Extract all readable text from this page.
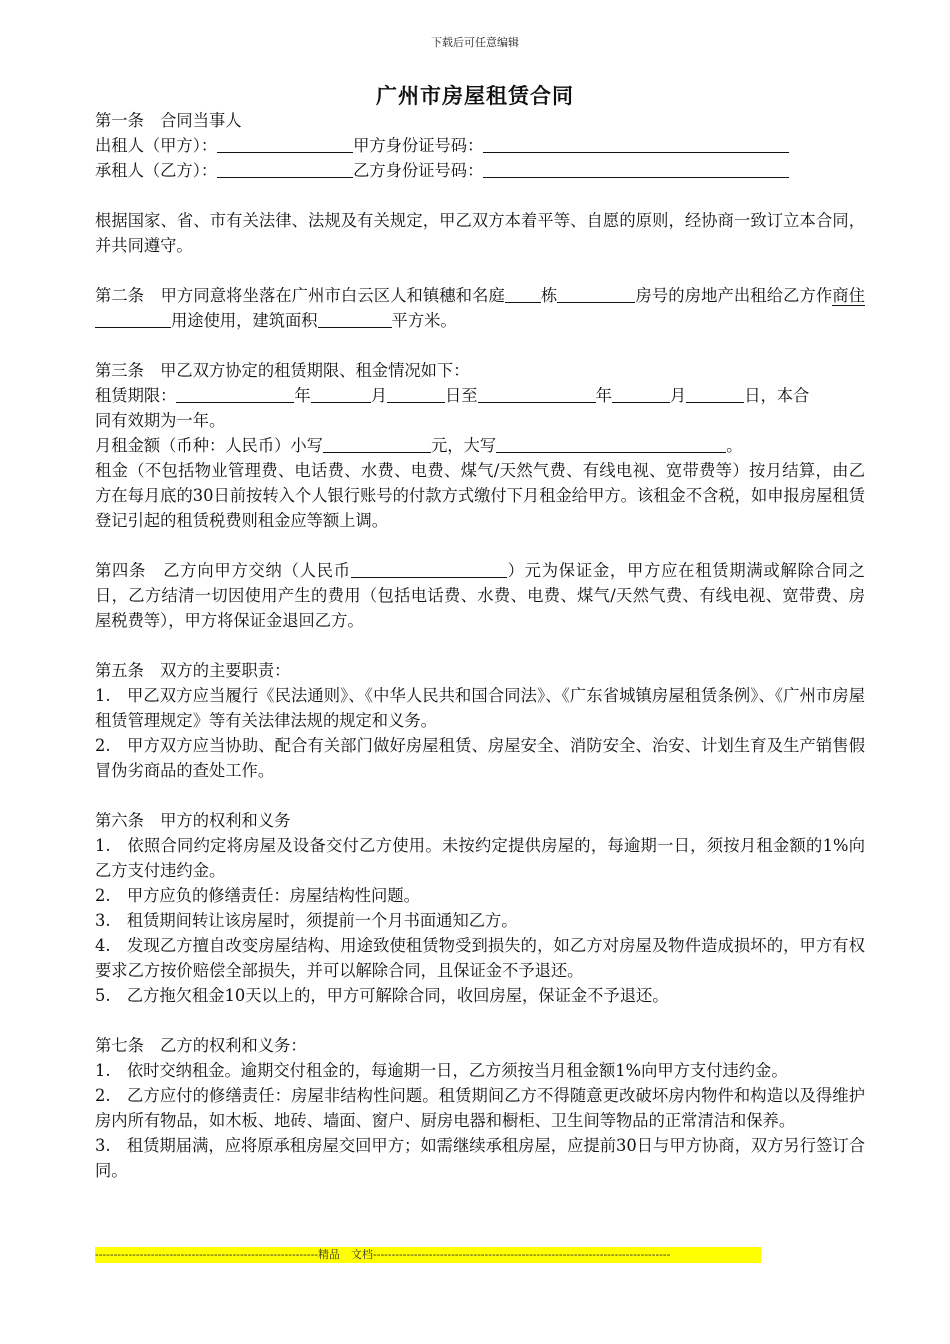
下载后可任意编辑
广州市房屋租赁合同
第一条　合同当事人
出租人（甲方）：	甲方身份证号码：
承租人（乙方）：	乙方身份证号码：
根据国家、省、市有关法律、法规及有关规定，甲乙双方本着平等、自愿的原则，经协商一致订立本合同，并共同遵守。
第二条　甲方同意将坐落在广州市白云区人和镇穗和名庭 栋	房号的房地产出租给乙方作商住用途使用，建筑面积	平方米。
第三条　甲乙双方协定的租赁期限、租金情况如下：
租赁期限：	年	月	日至	年	月	日，本合
同有效期为一年。
月租金额（币种：人民币）小写	元，大写	。
租金（不包括物业管理费、电话费、水费、电费、煤气/天然气费、有线电视、宽带费等）按月结算，由乙方在每月底的30日前按转入个人银行账号的付款方式缴付下月租金给甲方。该租金不含税，如申报房屋租赁登记引起的租赁税费则租金应等额上调。
第四条　乙方向甲方交纳（人民币	）元为保证金，甲方应在租赁期满或解除合同之日，乙方结清一切因使用产生的费用（包括电话费、水费、电费、煤气/天然气费、有线电视、宽带费、房屋税费等），甲方将保证金退回乙方。
第五条　双方的主要职责：
1.　甲乙双方应当履行《民法通则》、《中华人民共和国合同法》、《广东省城镇房屋租赁条例》、《广州市房屋租赁管理规定》等有关法律法规的规定和义务。
2.　甲方双方应当协助、配合有关部门做好房屋租赁、房屋安全、消防安全、治安、计划生育及生产销售假冒伪劣商品的查处工作。
第六条　甲方的权利和义务
1.　依照合同约定将房屋及设备交付乙方使用。未按约定提供房屋的，每逾期一日，须按月租金额的1%向乙方支付违约金。
2.　甲方应负的修缮责任：房屋结构性问题。
3.　租赁期间转让该房屋时，须提前一个月书面通知乙方。
4.　发现乙方擅自改变房屋结构、用途致使租赁物受到损失的，如乙方对房屋及物件造成损坏的，甲方有权要求乙方按价赔偿全部损失，并可以解除合同，且保证金不予退还。
5.　乙方拖欠租金10天以上的，甲方可解除合同，收回房屋，保证金不予退还。
第七条　乙方的权利和义务：
1.　依时交纳租金。逾期交付租金的，每逾期一日，乙方须按当月租金额1%向甲方支付违约金。
2.　乙方应付的修缮责任：房屋非结构性问题。租赁期间乙方不得随意更改破坏房内物件和构造以及得维护房内所有物品，如木板、地砖、墙面、窗户、厨房电器和橱柜、卫生间等物品的正常清洁和保养。
3.　租赁期届满，应将原承租房屋交回甲方；如需继续承租房屋，应提前30日与甲方协商，双方另行签订合同。
------------------------------------------------------------精品　文档--------------------------------------------------------------------------------
